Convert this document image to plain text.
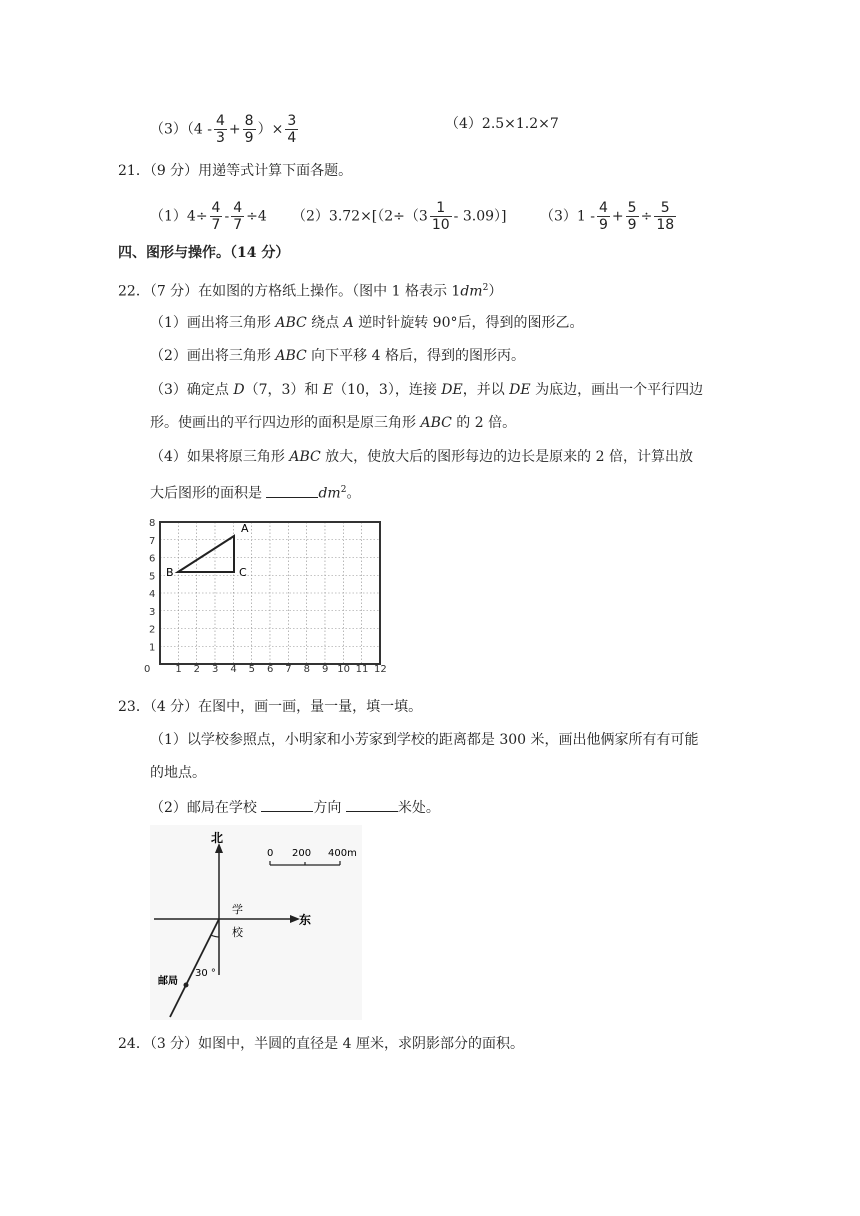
$(3)(4 - \frac{4}{3} + \frac{8}{9}$ ）× $\frac{3}{4}$	（4）2.5×1.2×7
21．（9 分）用递等式计算下面各题。
$(1)4\div \frac{4}{7} - \frac{4}{7} \div 4$ $(2)3.72\times[(2\div(3 \frac{1}{10} - 3.09)]$ $(3)1 - \frac{4}{9} + \frac{5}{9} \div \frac{5}{18}$
四、图形与操作。（14 分）
22．（7 分）在如图的方格纸上操作。（图中 1 格表示 $1dm^2$）
（1）画出将三角形 ABC 绕点 A 逆时针旋转 90°后，得到的图形乙。
（2）画出将三角形 ABC 向下平移 4 格后，得到的图形丙。
（3）确定点 D（7，3）和 E（10，3），连接 DE，并以 DE 为底边，画出一个平行四边
形。使画出的平行四边形的面积是原三角形 ABC 的 2 倍。
（4）如果将原三角形 ABC 放大，使放大后的图形每边的边长是原来的 2 倍，计算出放
大后图形的面积是	$dm^2$。
0 1 2 3 4 5 6 7 8 9 10 11 12
1
2
3
4
5
6
7
8	A
B	C
23．（4 分）在图中，画一画，量一量，填一填。
（1）以学校参照点，小明家和小芳家到学校的距离都是 300 米，画出他俩家所有有可能
的地点。
（2）邮局在学校	方向	米处。
北
东
学
校
邮局
30 °
0 200 400m
24．（3 分）如图中，半圆的直径是 4 厘米，求阴影部分的面积。
